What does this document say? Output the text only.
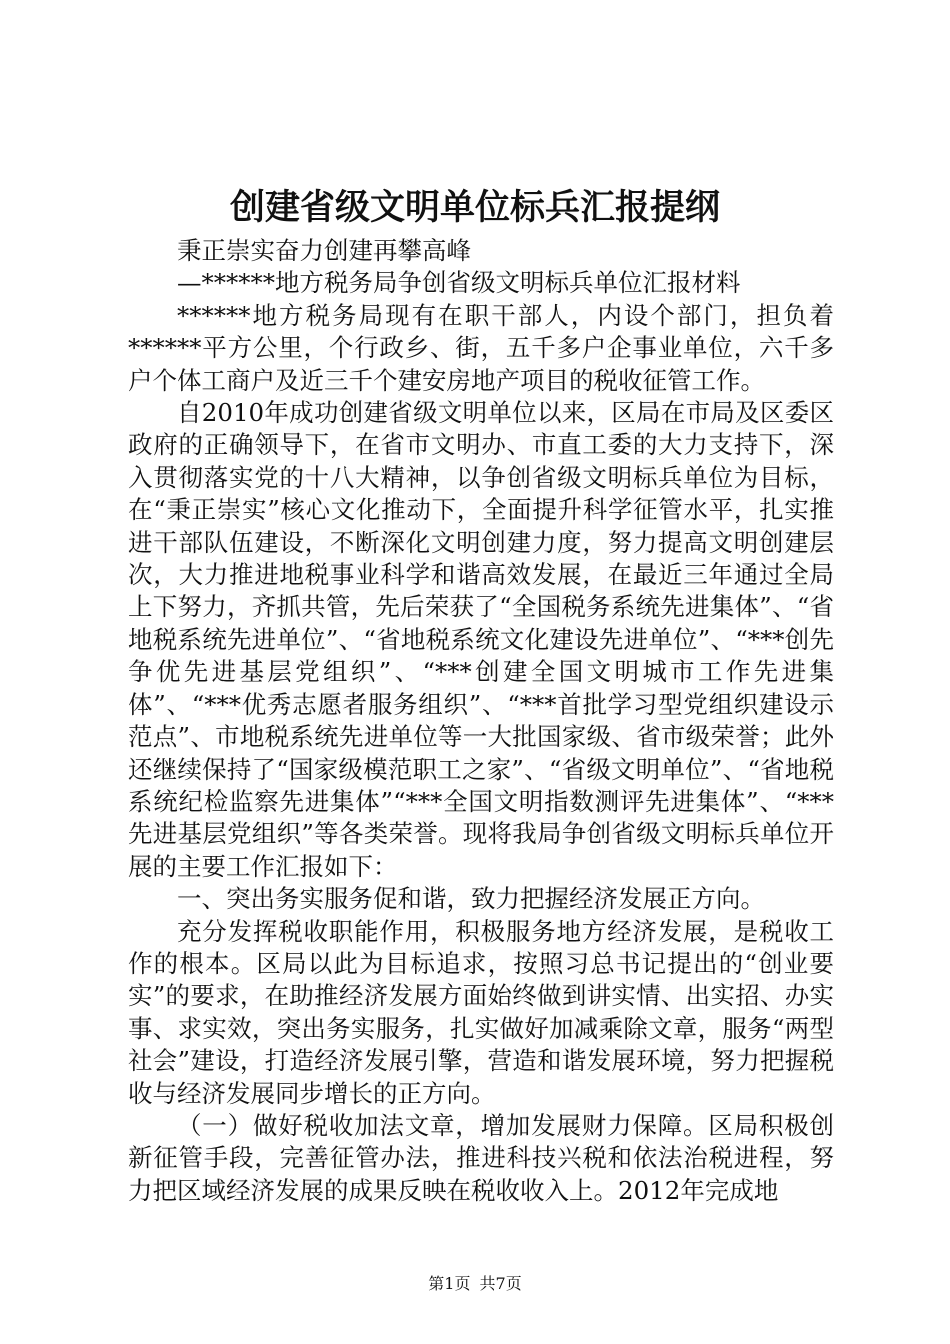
创建省级文明单位标兵汇报提纲

秉正崇实奋力创建再攀高峰

—******地方税务局争创省级文明标兵单位汇报材料

******地方税务局现有在职干部人，内设个部门，担负着******平方公里，个行政乡、街，五千多户企事业单位，六千多户个体工商户及近三千个建安房地产项目的税收征管工作。

自2010年成功创建省级文明单位以来，区局在市局及区委区政府的正确领导下，在省市文明办、市直工委的大力支持下，深入贯彻落实党的十八大精神，以争创省级文明标兵单位为目标，在“秉正崇实”核心文化推动下，全面提升科学征管水平，扎实推进干部队伍建设，不断深化文明创建力度，努力提高文明创建层次，大力推进地税事业科学和谐高效发展，在最近三年通过全局上下努力，齐抓共管，先后荣获了“全国税务系统先进集体”、“省地税系统先进单位”、“省地税系统文化建设先进单位”、“***创先争优先进基层党组织”、“***创建全国文明城市工作先进集体”、“***优秀志愿者服务组织”、“***首批学习型党组织建设示范点”、市地税系统先进单位等一大批国家级、省市级荣誉；此外还继续保持了“国家级模范职工之家”、“省级文明单位”、“省地税系统纪检监察先进集体”“***全国文明指数测评先进集体”、“***先进基层党组织”等各类荣誉。现将我局争创省级文明标兵单位开展的主要工作汇报如下：

一、突出务实服务促和谐，致力把握经济发展正方向。

充分发挥税收职能作用，积极服务地方经济发展，是税收工作的根本。区局以此为目标追求，按照习总书记提出的“创业要实”的要求，在助推经济发展方面始终做到讲实情、出实招、办实事、求实效，突出务实服务，扎实做好加减乘除文章，服务“两型社会”建设，打造经济发展引擎，营造和谐发展环境，努力把握税收与经济发展同步增长的正方向。

（一）做好税收加法文章，增加发展财力保障。区局积极创新征管手段，完善征管办法，推进科技兴税和依法治税进程，努力把区域经济发展的成果反映在税收收入上。2012年完成地

第1页 共7页
